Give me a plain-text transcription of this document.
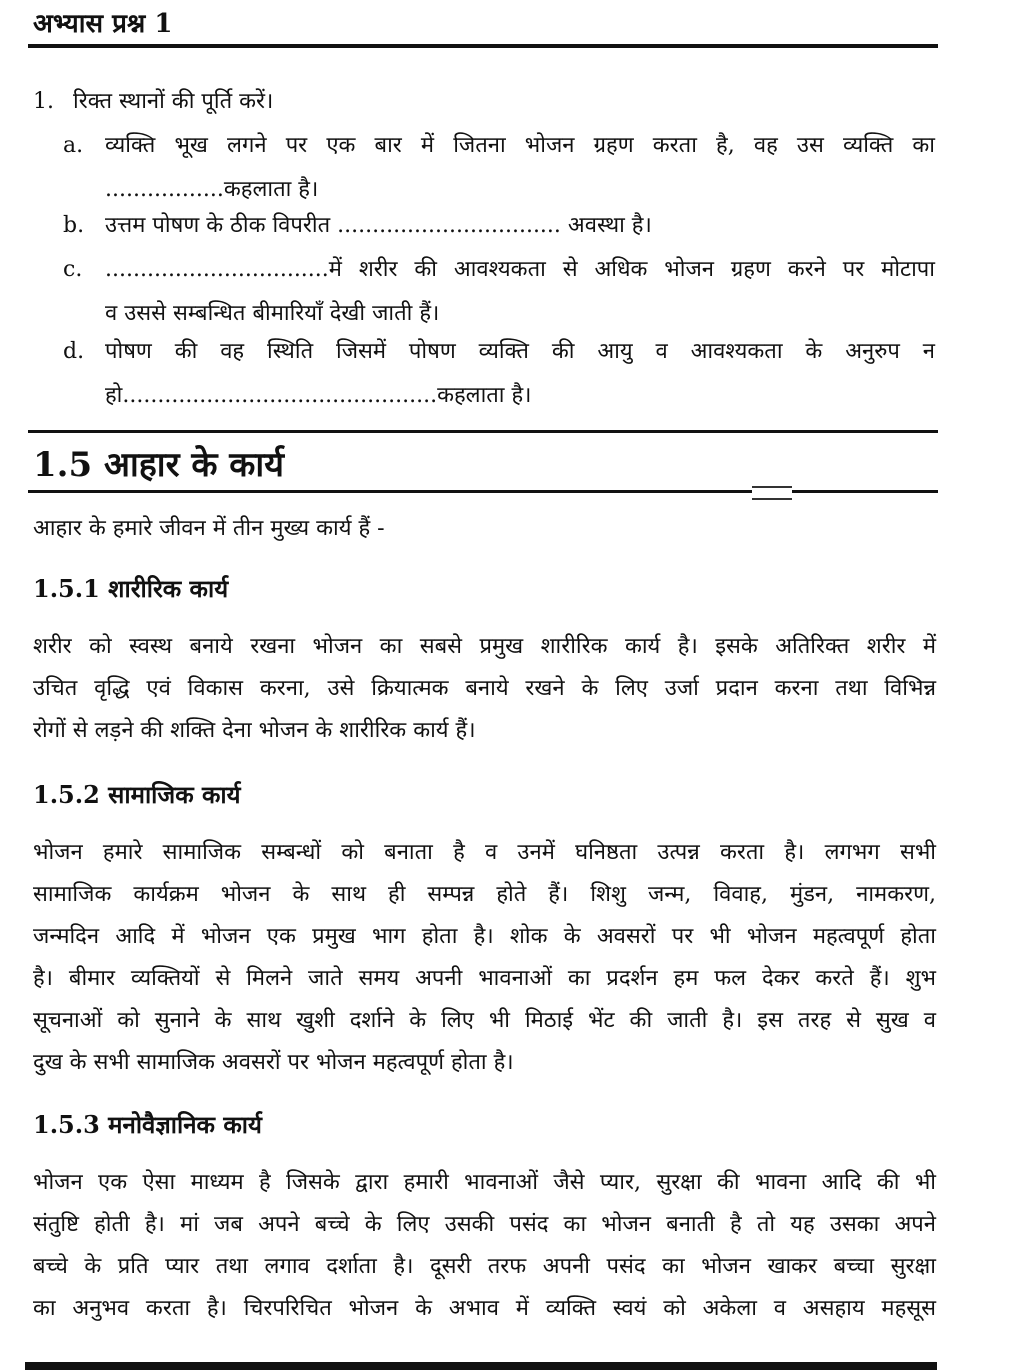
अभ्यास प्रश्न 1
1. रिक्त स्थानों की पूर्ति करें।
a. व्यक्ति भूख लगने पर एक बार में जितना भोजन ग्रहण करता है, वह उस व्यक्ति का
.................कहलाता है।
b. उत्तम पोषण के ठीक विपरीत ................................ अवस्था है।
c. ................................में शरीर की आवश्यकता से अधिक भोजन ग्रहण करने पर मोटापा
व उससे सम्बन्धित बीमारियाँ देखी जाती हैं।
d. पोषण की वह स्थिति जिसमें पोषण व्यक्ति की आयु व आवश्यकता के अनुरुप न
हो.............................................कहलाता है।
1.5 आहार के कार्य
आहार के हमारे जीवन में तीन मुख्य कार्य हैं -
1.5.1 शारीरिक कार्य
शरीर को स्वस्थ बनाये रखना भोजन का सबसे प्रमुख शारीरिक कार्य है। इसके अतिरिक्त शरीर में
उचित वृद्धि एवं विकास करना, उसे क्रियात्मक बनाये रखने के लिए उर्जा प्रदान करना तथा विभिन्न
रोगों से लड़ने की शक्ति देना भोजन के शारीरिक कार्य हैं।
1.5.2 सामाजिक कार्य
भोजन हमारे सामाजिक सम्बन्धों को बनाता है व उनमें घनिष्ठता उत्पन्न करता है। लगभग सभी
सामाजिक कार्यक्रम भोजन के साथ ही सम्पन्न होते हैं। शिशु जन्म, विवाह, मुंडन, नामकरण,
जन्मदिन आदि में भोजन एक प्रमुख भाग होता है। शोक के अवसरों पर भी भोजन महत्वपूर्ण होता
है। बीमार व्यक्तियों से मिलने जाते समय अपनी भावनाओं का प्रदर्शन हम फल देकर करते हैं। शुभ
सूचनाओं को सुनाने के साथ खुशी दर्शाने के लिए भी मिठाई भेंट की जाती है। इस तरह से सुख व
दुख के सभी सामाजिक अवसरों पर भोजन महत्वपूर्ण होता है।
1.5.3 मनोवैज्ञानिक कार्य
भोजन एक ऐसा माध्यम है जिसके द्वारा हमारी भावनाओं जैसे प्यार, सुरक्षा की भावना आदि की भी
संतुष्टि होती है। मां जब अपने बच्चे के लिए उसकी पसंद का भोजन बनाती है तो यह उसका अपने
बच्चे के प्रति प्यार तथा लगाव दर्शाता है। दूसरी तरफ अपनी पसंद का भोजन खाकर बच्चा सुरक्षा
का अनुभव करता है। चिरपरिचित भोजन के अभाव में व्यक्ति स्वयं को अकेला व असहाय महसूस
